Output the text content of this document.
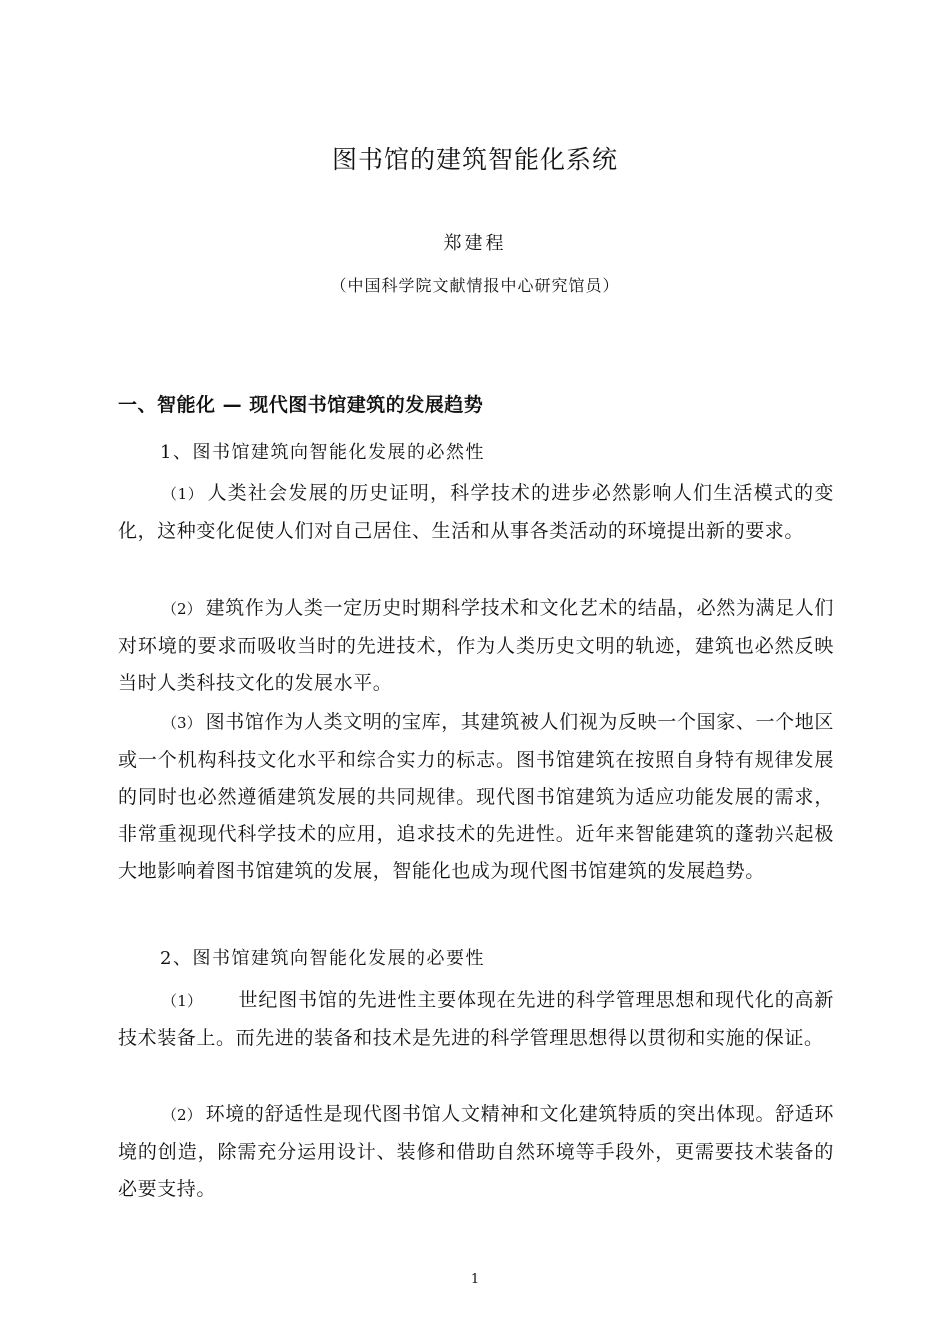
图书馆的建筑智能化系统
郑建程
（中国科学院文献情报中心研究馆员）
一、智能化 — 现代图书馆建筑的发展趋势
1、图书馆建筑向智能化发展的必然性
（1） 人类社会发展的历史证明，科学技术的进步必然影响人们生活模式的变化，这种变化促使人们对自己居住、生活和从事各类活动的环境提出新的要求。
（2） 建筑作为人类一定历史时期科学技术和文化艺术的结晶，必然为满足人们对环境的要求而吸收当时的先进技术，作为人类历史文明的轨迹，建筑也必然反映当时人类科技文化的发展水平。
（3） 图书馆作为人类文明的宝库，其建筑被人们视为反映一个国家、一个地区或一个机构科技文化水平和综合实力的标志。图书馆建筑在按照自身特有规律发展的同时也必然遵循建筑发展的共同规律。现代图书馆建筑为适应功能发展的需求，非常重视现代科学技术的应用，追求技术的先进性。近年来智能建筑的蓬勃兴起极大地影响着图书馆建筑的发展，智能化也成为现代图书馆建筑的发展趋势。
2、图书馆建筑向智能化发展的必要性
（1）　　世纪图书馆的先进性主要体现在先进的科学管理思想和现代化的高新技术装备上。而先进的装备和技术是先进的科学管理思想得以贯彻和实施的保证。
（2） 环境的舒适性是现代图书馆人文精神和文化建筑特质的突出体现。舒适环境的创造，除需充分运用设计、装修和借助自然环境等手段外，更需要技术装备的必要支持。
1
